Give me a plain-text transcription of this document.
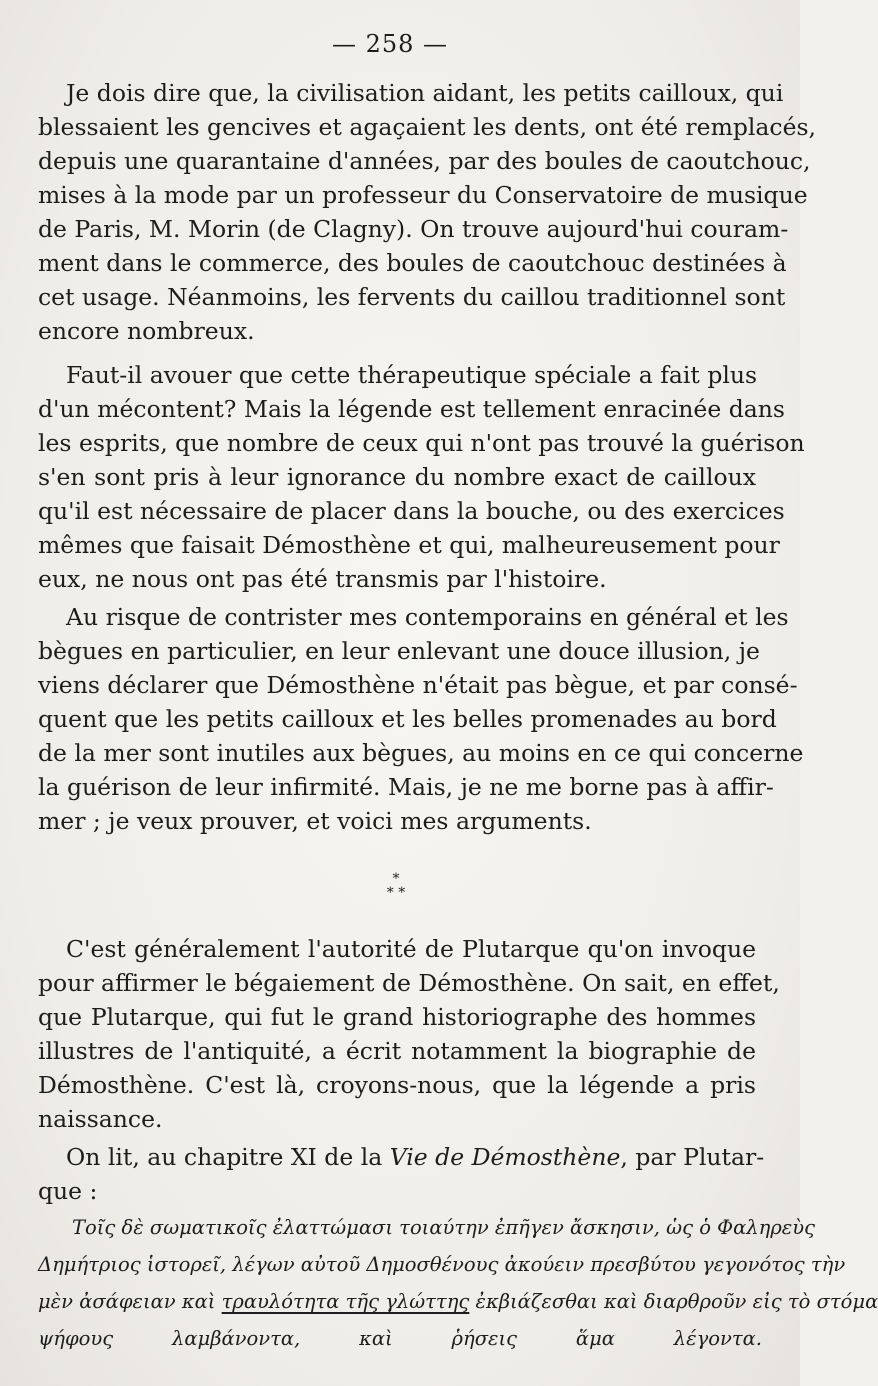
— 258 —
Je dois dire que, la civilisation aidant, les petits cailloux, qui
blessaient les gencives et agaçaient les dents, ont été remplacés,
depuis une quarantaine d'années, par des boules de caoutchouc,
mises à la mode par un professeur du Conservatoire de musique
de Paris, M. Morin (de Clagny). On trouve aujourd'hui couram-
ment dans le commerce, des boules de caoutchouc destinées à
cet usage. Néanmoins, les fervents du caillou traditionnel sont
encore nombreux.
Faut-il avouer que cette thérapeutique spéciale a fait plus
d'un mécontent? Mais la légende est tellement enracinée dans
les esprits, que nombre de ceux qui n'ont pas trouvé la guérison
s'en sont pris à leur ignorance du nombre exact de cailloux
qu'il est nécessaire de placer dans la bouche, ou des exercices
mêmes que faisait Démosthène et qui, malheureusement pour
eux, ne nous ont pas été transmis par l'histoire.
Au risque de contrister mes contemporains en général et les
bègues en particulier, en leur enlevant une douce illusion, je
viens déclarer que Démosthène n'était pas bègue, et par consé-
quent que les petits cailloux et les belles promenades au bord
de la mer sont inutiles aux bègues, au moins en ce qui concerne
la guérison de leur infirmité. Mais, je ne me borne pas à affir-
mer ; je veux prouver, et voici mes arguments.
*
* *
C'est généralement l'autorité de Plutarque qu'on invoque
pour affirmer le bégaiement de Démosthène. On sait, en effet,
que Plutarque, qui fut le grand historiographe des hommes
illustres de l'antiquité, a écrit notamment la biographie de
Démosthène. C'est là, croyons-nous, que la légende a pris
naissance.
On lit, au chapitre XI de la Vie de Démosthène, par Plutar-
que :
Τοῖς δὲ σωματικοῖς ἐλαττώμασι τοιαύτην ἐπῆγεν ἄσκησιν, ὡς ὁ Φαληρεὺς
Δημήτριος ἱστορεῖ, λέγων αὐτοῦ Δημοσθένους ἀκούειν πρεσβύτου γεγονότος τὴν
μὲν ἀσάφειαν καὶ τραυλότητα τῆς γλώττης ἐκβιάζεσθαι καὶ διαρθροῦν εἰς τὸ στόμα
ψήφους λαμβάνοντα, καὶ ῥήσεις ἅμα λέγοντα.
